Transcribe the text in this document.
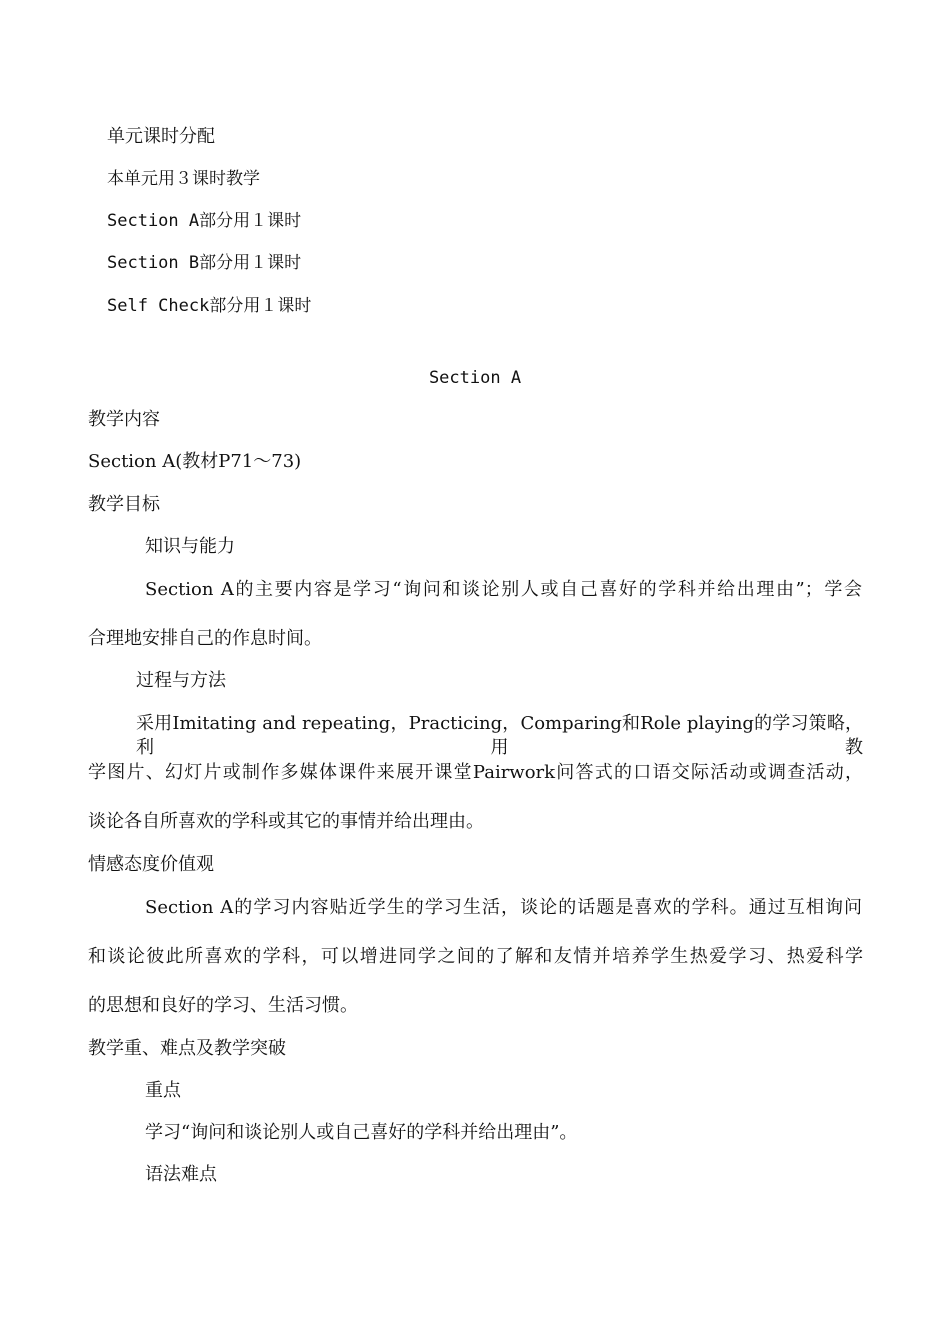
单元课时分配
本单元用３课时教学
Section A部分用１课时
Section B部分用１课时
Self Check部分用１课时
Section A
教学内容
Section A(教材P71～73)
教学目标
知识与能力
Section A的主要内容是学习“询问和谈论别人或自己喜好的学科并给出理由”；学会
合理地安排自己的作息时间。
过程与方法
采用Imitating and repeating，Practicing，Comparing和Role playing的学习策略，利用教
学图片、幻灯片或制作多媒体课件来展开课堂Pairwork问答式的口语交际活动或调查活动，
谈论各自所喜欢的学科或其它的事情并给出理由。
情感态度价值观
Section A的学习内容贴近学生的学习生活，谈论的话题是喜欢的学科。通过互相询问
和谈论彼此所喜欢的学科，可以增进同学之间的了解和友情并培养学生热爱学习、热爱科学
的思想和良好的学习、生活习惯。
教学重、难点及教学突破
重点
学习“询问和谈论别人或自己喜好的学科并给出理由”。
语法难点
